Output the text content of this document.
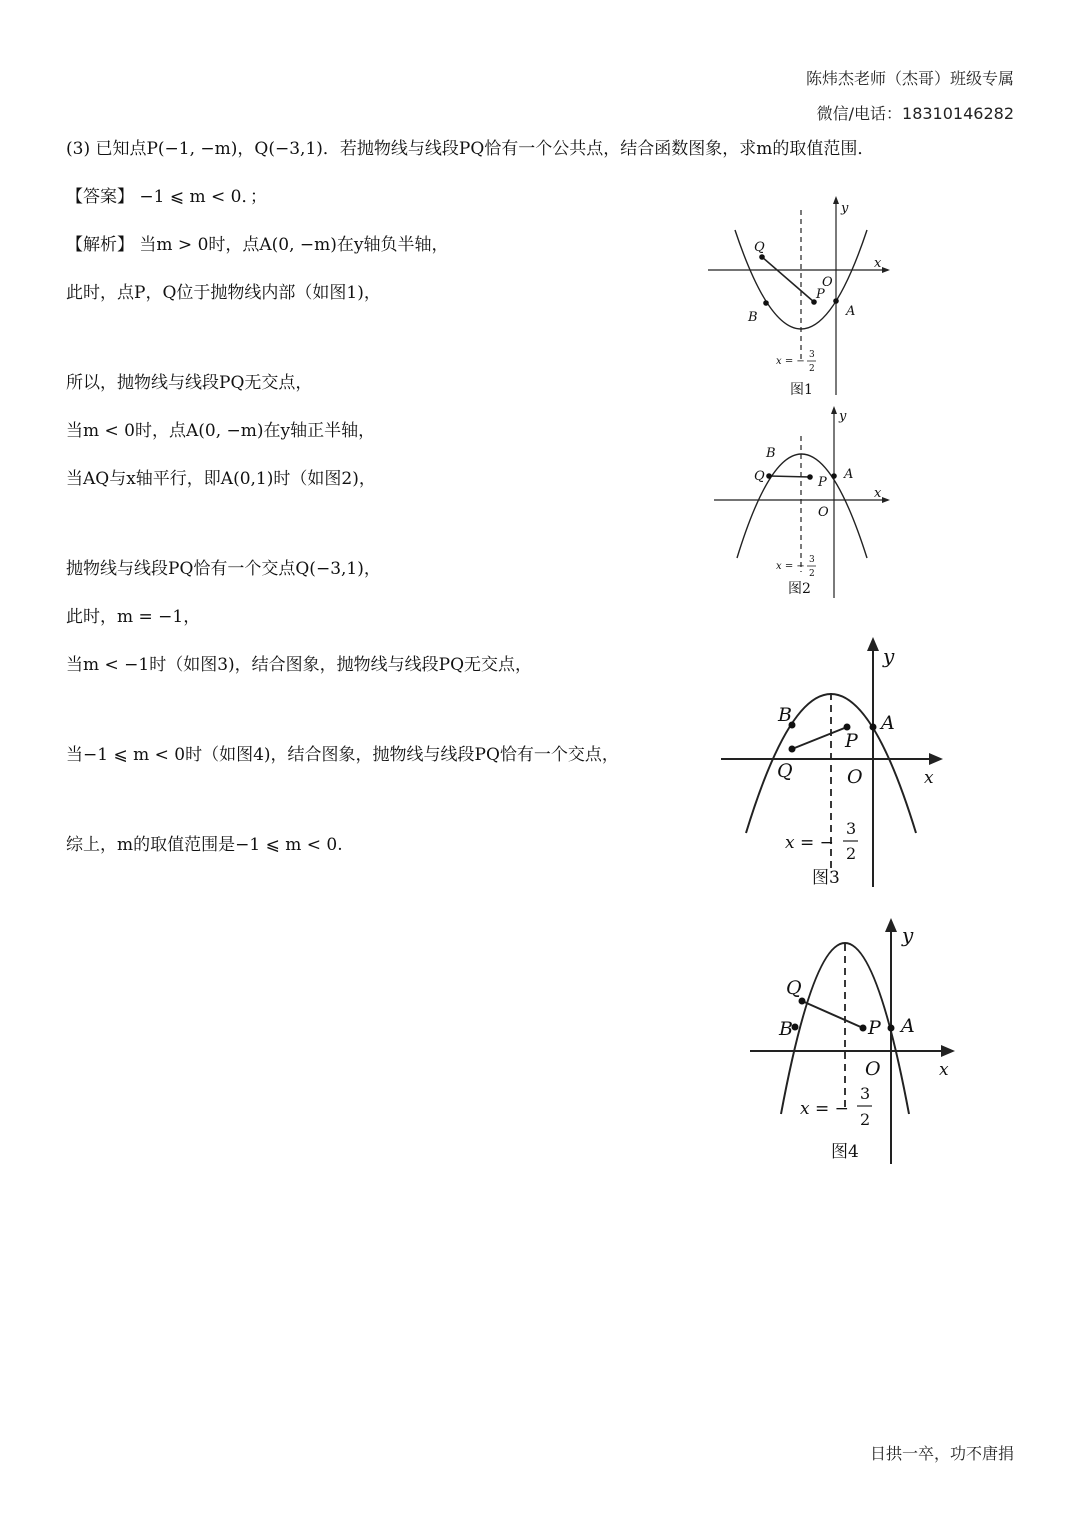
陈炜杰老师（杰哥）班级专属
微信/电话：18310146282
(3) 已知点P(−1, −m)，Q(−3,1)．若抛物线与线段PQ恰有一个公共点，结合函数图象，求m的取值范围．
【答案】 −1 ⩽ m < 0．；
【解析】 当m > 0时，点A(0, −m)在y轴负半轴，
此时，点P，Q位于抛物线内部（如图1)，
所以，抛物线与线段PQ无交点，
当m < 0时，点A(0, −m)在y轴正半轴，
当AQ与x轴平行，即A(0,1)时（如图2)，
抛物线与线段PQ恰有一个交点Q(−3,1)，
此时，m = −1，
当m < −1时（如图3)，结合图象，抛物线与线段PQ无交点，
当−1 ⩽ m < 0时（如图4)，结合图象，抛物线与线段PQ恰有一个交点，
综上，m的取值范围是−1 ⩽ m < 0.
Q
P
O
A
B
x
y
x = −
3
2
图1
Q	P
A
B
O
x
y
x = −
3
2
图2
Q
P
A
B
O	x
y
x = −
3
2
图3
Q
P A
B
O	x
y
x = −
3
2
图4
日拱一卒，功不唐捐
